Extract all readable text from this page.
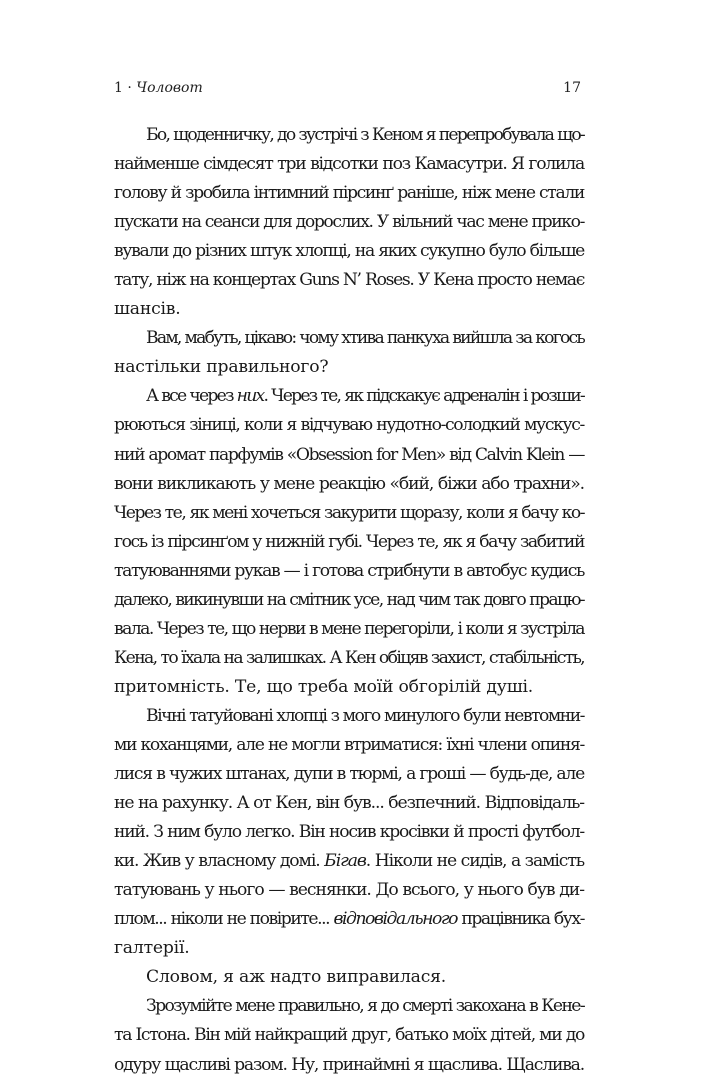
1 · Чоловот	17
Бо, щоденничку, до зустрічі з Кеном я перепробувала що-
найменше сімдесят три відсотки поз Камасутри. Я голила
голову й зробила інтимний пірсинґ раніше, ніж мене стали
пускати на сеанси для дорослих. У вільний час мене прико-
вували до різних штук хлопці, на яких сукупно було більше
тату, ніж на концертах Guns N’ Roses. У Кена просто немає
шансів.
Вам, мабуть, цікаво: чому хтива панкуха вийшла за когось
настільки правильного?
А все через них. Через те, як підскакує адреналін і розши-
рюються зіниці, коли я відчуваю нудотно-солодкий мускус-
ний аромат парфумів «Obsession for Men» від Calvin Klein —
вони викликають у мене реакцію «бий, біжи або трахни».
Через те, як мені хочеться закурити щоразу, коли я бачу ко-
гось із пірсинґом у нижній губі. Через те, як я бачу забитий
татуюваннями рукав — і готова стрибнути в автобус кудись
далеко, викинувши на смітник усе, над чим так довго працю-
вала. Через те, що нерви в мене перегоріли, і коли я зустріла
Кена, то їхала на залишках. А Кен обіцяв захист, стабільність,
притомність. Те, що треба моїй обгорілій душі.
Вічні татуйовані хлопці з мого минулого були невтомни-
ми коханцями, але не могли втриматися: їхні члени опиня-
лися в чужих штанах, дупи в тюрмі, а гроші — будь-де, але
не на рахунку. А от Кен, він був... безпечний. Відповідаль-
ний. З ним було легко. Він носив кросівки й прості футбол-
ки. Жив у власному домі. Бігав. Ніколи не сидів, а замість
татуювань у нього — веснянки. До всього, у нього був ди-
плом... ніколи не повірите... відповідального працівника бух-
галтерії.
Словом, я аж надто виправилася.
Зрозумійте мене правильно, я до смерті закохана в Кене-
та Істона. Він мій найкращий друг, батько моїх дітей, ми до
одуру щасливі разом. Ну, принаймні я щаслива. Щаслива.
